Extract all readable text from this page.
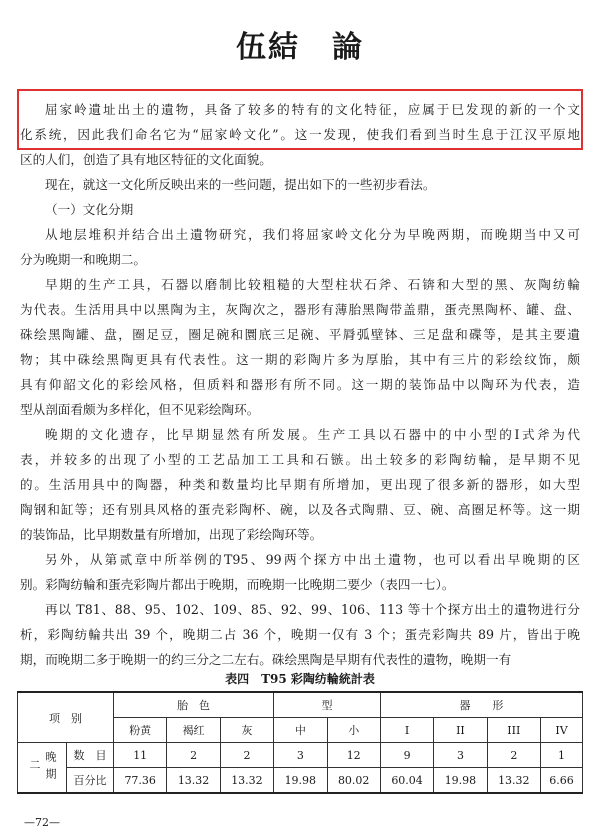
伍結　論
屈家岭遺址出土的遺物，具备了较多的特有的文化特征，应属于巳发现的新的一个文
化系统，因此我们命名它为“屈家岭文化”。这一发现，使我们看到当时生息于江汉平原地
区的人们，创造了具有地区特征的文化面貌。
现在，就这一文化所反映出来的一些问题，提出如下的一些初步看法。
（一）文化分期
从地层堆积并结合出土遺物研究，我们将屈家岭文化分为早晚两期，而晚期当中又可
分为晚期一和晚期二。
早期的生产工具，石器以磨制比较粗糙的大型柱状石斧、石锛和大型的黑、灰陶纺輪
为代表。生活用具中以黑陶为主，灰陶次之，器形有薄胎黑陶带盖鼎，蛋壳黑陶杯、罐、盘、
硃绘黑陶罐、盘，圈足豆，圈足碗和圜底三足碗、平脣弧壁钵、三足盘和碟等，是其主要遺
物；其中硃绘黑陶更具有代表性。这一期的彩陶片多为厚胎，其中有三片的彩绘纹饰，颇
具有仰韶文化的彩绘风格，但质料和器形有所不同。这一期的装饰品中以陶环为代表，造
型从剖面看颇为多样化，但不见彩绘陶环。
晚期的文化遗存，比早期显然有所发展。生产工具以石器中的中小型的Ⅰ式斧为代
表，并较多的出现了小型的工艺品加工工具和石镞。出土较多的彩陶纺輪，是早期不见
的。生活用具中的陶器，种类和数量均比早期有所增加，更出现了很多新的器形，如大型
陶钢和缸等；还有别具风格的蛋壳彩陶杯、碗，以及各式陶鼎、豆、碗、高圈足杯等。这一期
的装饰品，比早期数量有所增加，出现了彩绘陶环等。
另外，从第贰章中所举例的T95、99两个探方中出土遺物，也可以看出早晚期的区
别。彩陶纺輪和蛋壳彩陶片都出于晚期，而晚期一比晚期二要少（表四一七）。
再以 T81、88、95、102、109、85、92、99、106、113 等十个探方出土的遺物进行分
析，彩陶纺輪共出 39 个，晚期二占 36 个，晚期一仅有 3 个；蛋壳彩陶共 89 片，皆出于晚
期，而晚期二多于晚期一的约三分之二左右。硃绘黑陶是早期有代表性的遺物，晚期一有

表四　T95 彩陶纺輪統計表

项　别		胎　色			型		器　　形			
		粉黄	褐红	灰	中	小	I	II	III	IV
晚期二	数　目	11	2	2	3	12	9	3	2	1
	百分比	77.36	13.32	13.32	19.98	80.02	60.04	19.98	13.32	6.66

—72—
